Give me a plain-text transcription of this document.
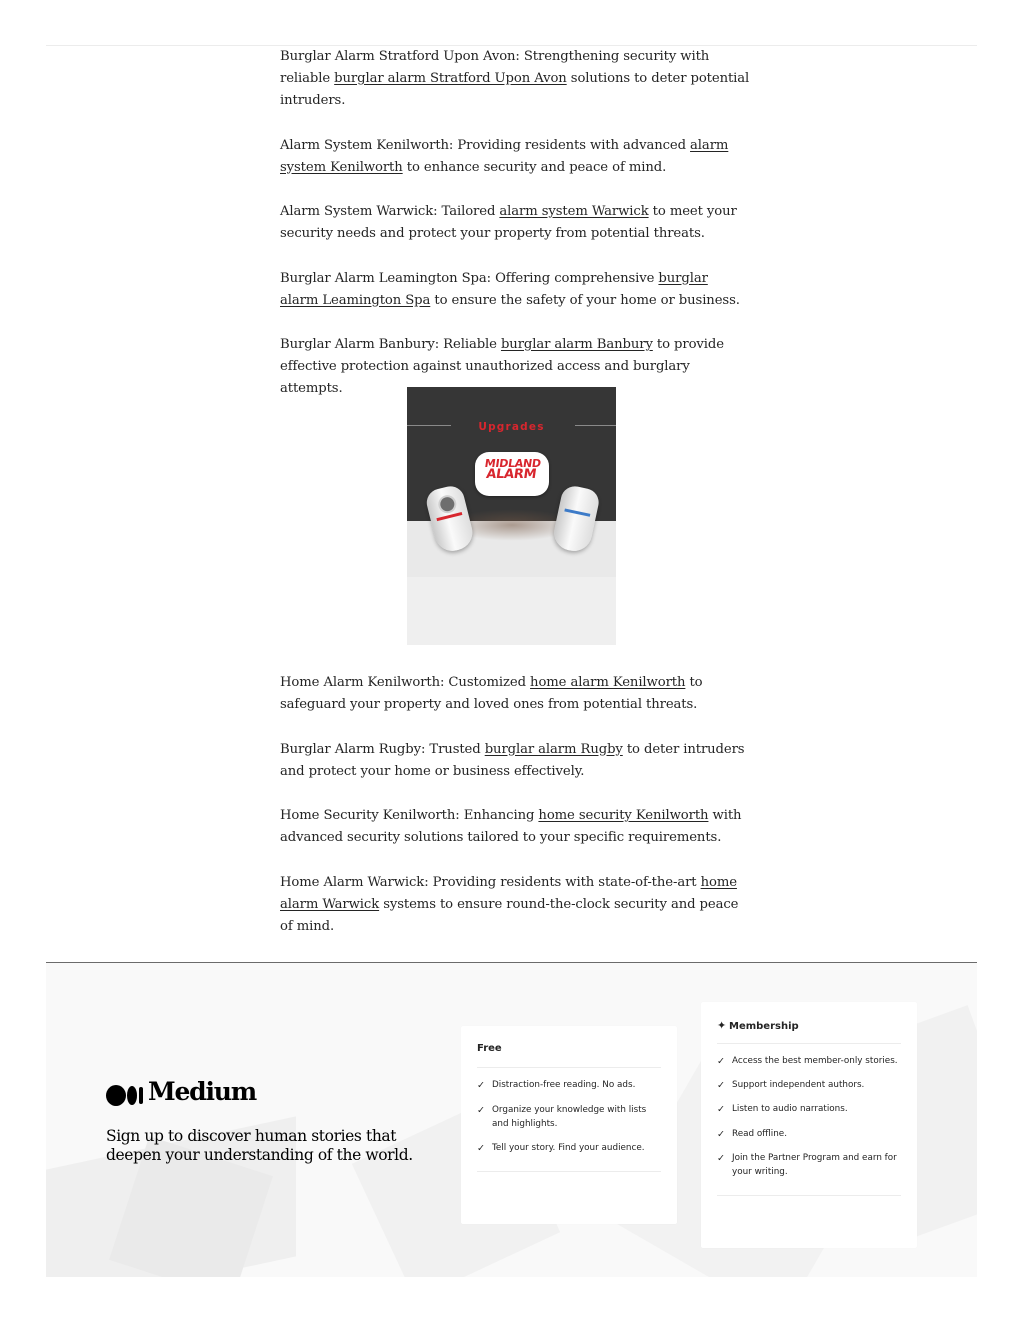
Burglar Alarm Stratford Upon Avon: Strengthening security with reliable burglar alarm Stratford Upon Avon solutions to deter potential intruders.

Alarm System Kenilworth: Providing residents with advanced alarm system Kenilworth to enhance security and peace of mind.

Alarm System Warwick: Tailored alarm system Warwick to meet your security needs and protect your property from potential threats.

Burglar Alarm Leamington Spa: Offering comprehensive burglar alarm Leamington Spa to ensure the safety of your home or business.

Burglar Alarm Banbury: Reliable burglar alarm Banbury to provide effective protection against unauthorized access and burglary attempts.

Upgrades
MIDLAND
ALARM

Home Alarm Kenilworth: Customized home alarm Kenilworth to safeguard your property and loved ones from potential threats.

Burglar Alarm Rugby: Trusted burglar alarm Rugby to deter intruders and protect your home or business effectively.

Home Security Kenilworth: Enhancing home security Kenilworth with advanced security solutions tailored to your specific requirements.

Home Alarm Warwick: Providing residents with state-of-the-art home alarm Warwick systems to ensure round-the-clock security and peace of mind.

Medium
Sign up to discover human stories that deepen your understanding of the world.
Free
✓ Distraction-free reading. No ads.
✓ Organize your knowledge with lists and highlights.
✓ Tell your story. Find your audience.
✦ Membership
✓ Access the best member-only stories.
✓ Support independent authors.
✓ Listen to audio narrations.
✓ Read offline.
✓ Join the Partner Program and earn for your writing.
